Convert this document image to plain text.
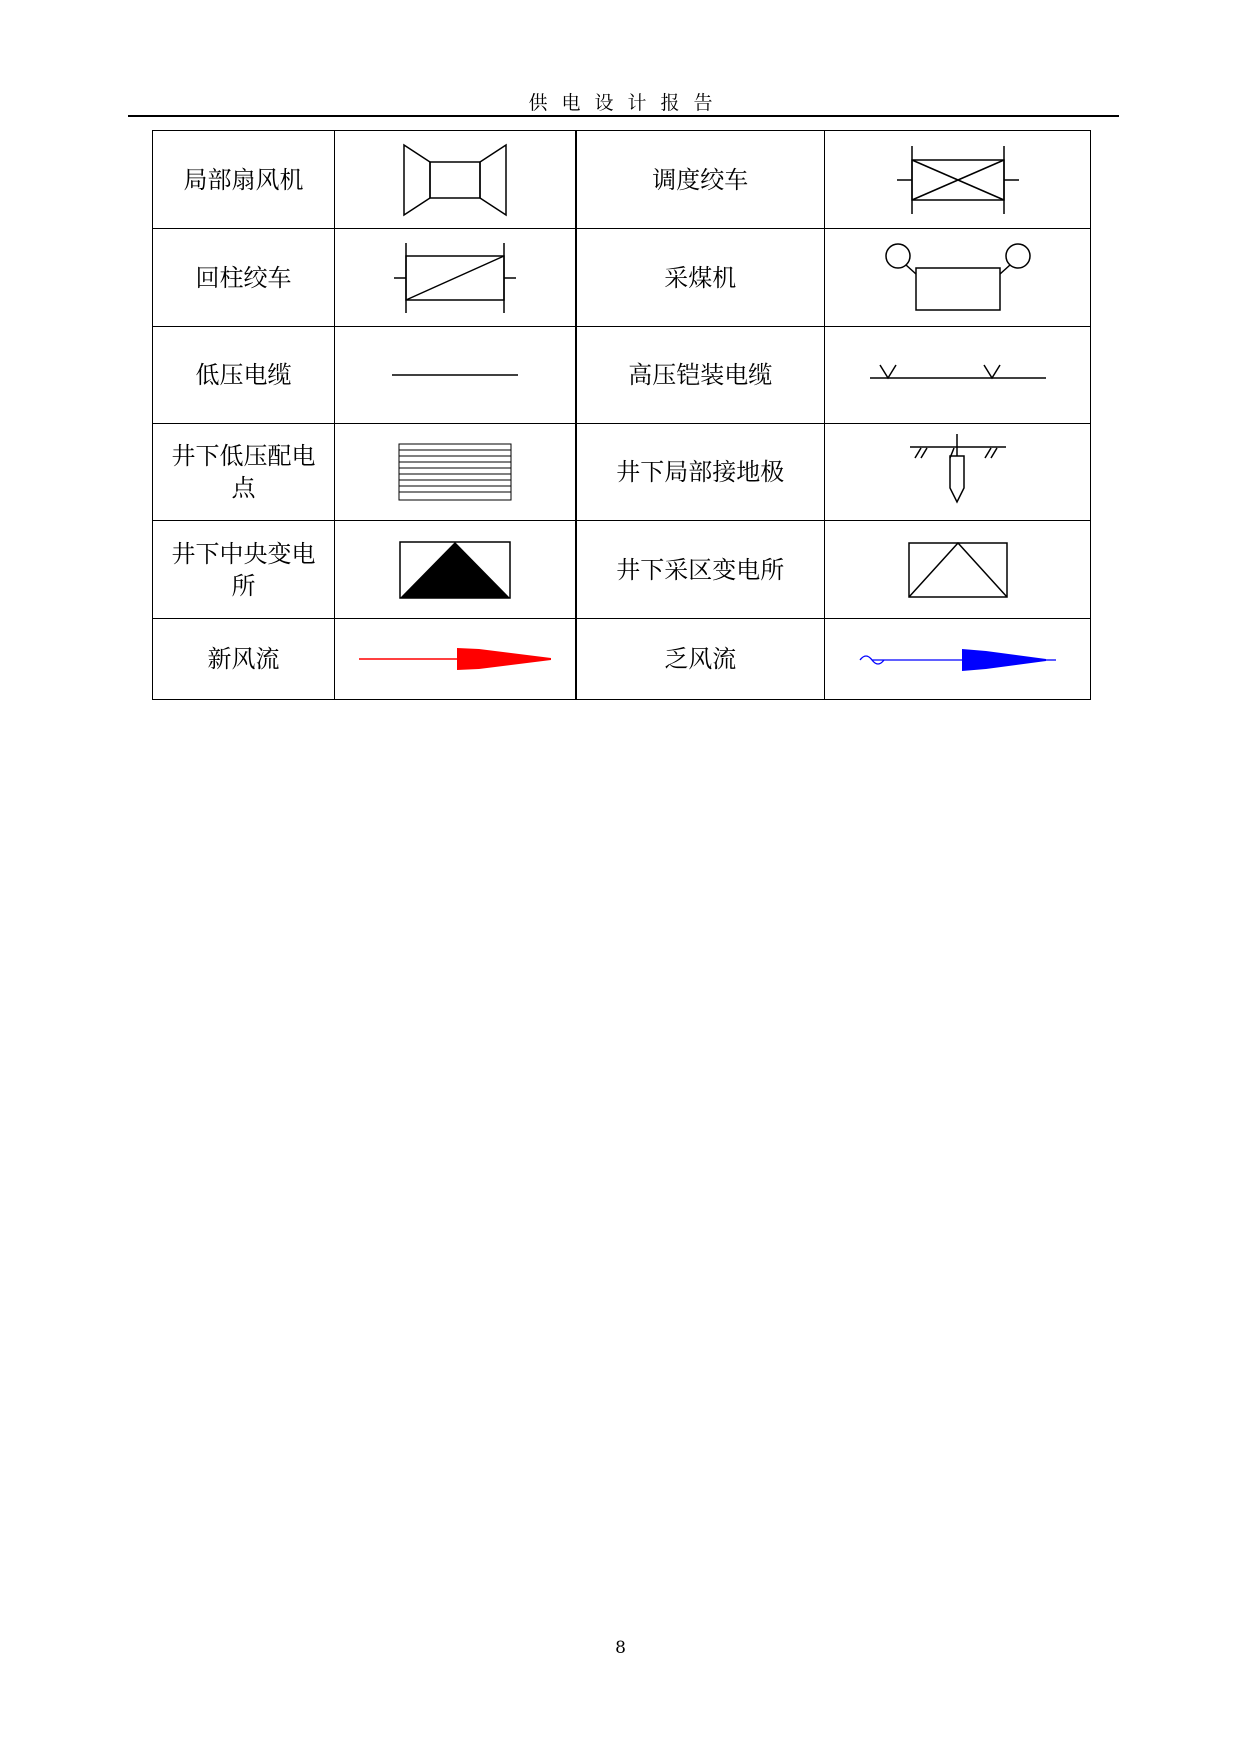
供电设计报告
局部扇风机		调度绞车	

回柱绞车		采煤机	

低压电缆		高压铠装电缆	

井下低压配电点		井下局部接地极	

井下中央变电所		井下采区变电所	

新风流		乏风流	
8
